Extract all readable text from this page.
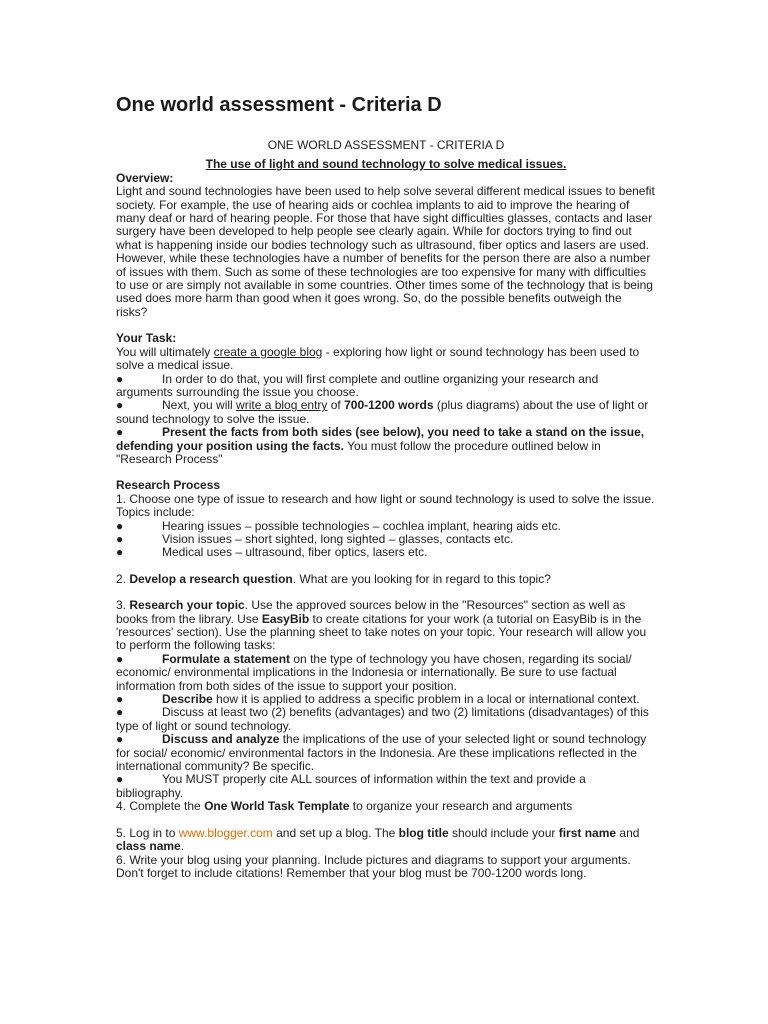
One world assessment - Criteria D

ONE WORLD ASSESSMENT - CRITERIA D

The use of light and sound technology to solve medical issues.

Overview:

Light and sound technologies have been used to help solve several different medical issues to benefit society. For example, the use of hearing aids or cochlea implants to aid to improve the hearing of many deaf or hard of hearing people. For those that have sight difficulties glasses, contacts and laser surgery have been developed to help people see clearly again. While for doctors trying to find out what is happening inside our bodies technology such as ultrasound, fiber optics and lasers are used.

However, while these technologies have a number of benefits for the person there are also a number of issues with them. Such as some of these technologies are too expensive for many with difficulties to use or are simply not available in some countries. Other times some of the technology that is being used does more harm than good when it goes wrong. So, do the possible benefits outweigh the risks?

Your Task:

You will ultimately create a google blog - exploring how light or sound technology has been used to solve a medical issue.

●	In order to do that, you will first complete and outline organizing your research and arguments surrounding the issue you choose.

●	Next, you will write a blog entry of 700-1200 words (plus diagrams) about the use of light or sound technology to solve the issue.

●	Present the facts from both sides (see below), you need to take a stand on the issue, defending your position using the facts. You must follow the procedure outlined below in "Research Process"

Research Process

1. Choose one type of issue to research and how light or sound technology is used to solve the issue. Topics include:

●	Hearing issues – possible technologies – cochlea implant, hearing aids etc.

●	Vision issues – short sighted, long sighted – glasses, contacts etc.

●	Medical uses – ultrasound, fiber optics, lasers etc.

2. Develop a research question. What are you looking for in regard to this topic?

3. Research your topic. Use the approved sources below in the "Resources" section as well as books from the library. Use EasyBib to create citations for your work (a tutorial on EasyBib is in the 'resources' section). Use the planning sheet to take notes on your topic. Your research will allow you to perform the following tasks:

●	Formulate a statement on the type of technology you have chosen, regarding its social/ economic/ environmental implications in the Indonesia or internationally. Be sure to use factual information from both sides of the issue to support your position.

●	Describe how it is applied to address a specific problem in a local or international context.

●	Discuss at least two (2) benefits (advantages) and two (2) limitations (disadvantages) of this type of light or sound technology.

●	Discuss and analyze the implications of the use of your selected light or sound technology for social/ economic/ environmental factors in the Indonesia. Are these implications reflected in the international community? Be specific.

●	You MUST properly cite ALL sources of information within the text and provide a bibliography.

4. Complete the One World Task Template to organize your research and arguments

5. Log in to www.blogger.com and set up a blog. The blog title should include your first name and class name.

6. Write your blog using your planning. Include pictures and diagrams to support your arguments. Don't forget to include citations! Remember that your blog must be 700-1200 words long.
